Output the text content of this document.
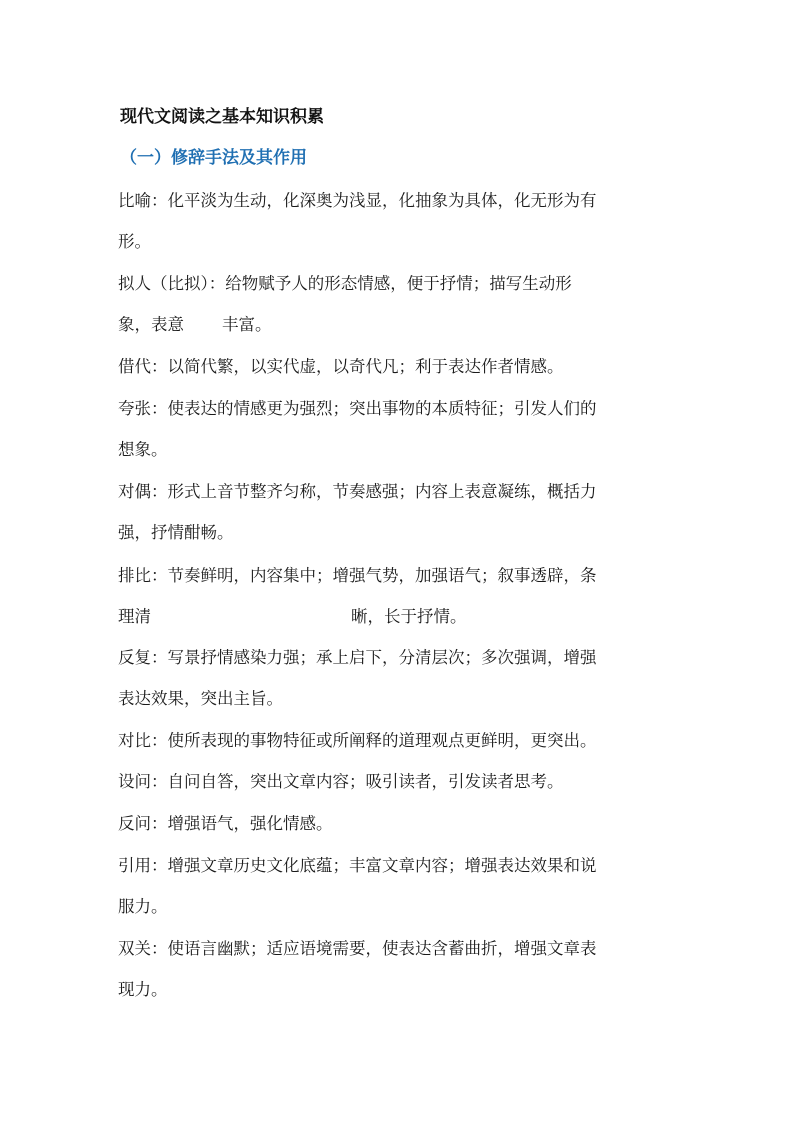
现代文阅读之基本知识积累
（一）修辞手法及其作用
比喻：化平淡为生动，化深奥为浅显，化抽象为具体，化无形为有
形。
拟人（比拟）：给物赋予人的形态情感，便于抒情；描写生动形
象，表意 丰富。
借代：以简代繁，以实代虚，以奇代凡；利于表达作者情感。
夸张：使表达的情感更为强烈；突出事物的本质特征；引发人们的
想象。
对偶：形式上音节整齐匀称，节奏感强；内容上表意凝练，概括力
强，抒情酣畅。
排比：节奏鲜明，内容集中；增强气势，加强语气；叙事透辟，条
理清	晰，长于抒情。
反复：写景抒情感染力强；承上启下，分清层次；多次强调，增强
表达效果，突出主旨。
对比：使所表现的事物特征或所阐释的道理观点更鲜明，更突出。
设问：自问自答，突出文章内容；吸引读者，引发读者思考。
反问：增强语气，强化情感。
引用：增强文章历史文化底蕴；丰富文章内容；增强表达效果和说
服力。
双关：使语言幽默；适应语境需要，使表达含蓄曲折，增强文章表
现力。
